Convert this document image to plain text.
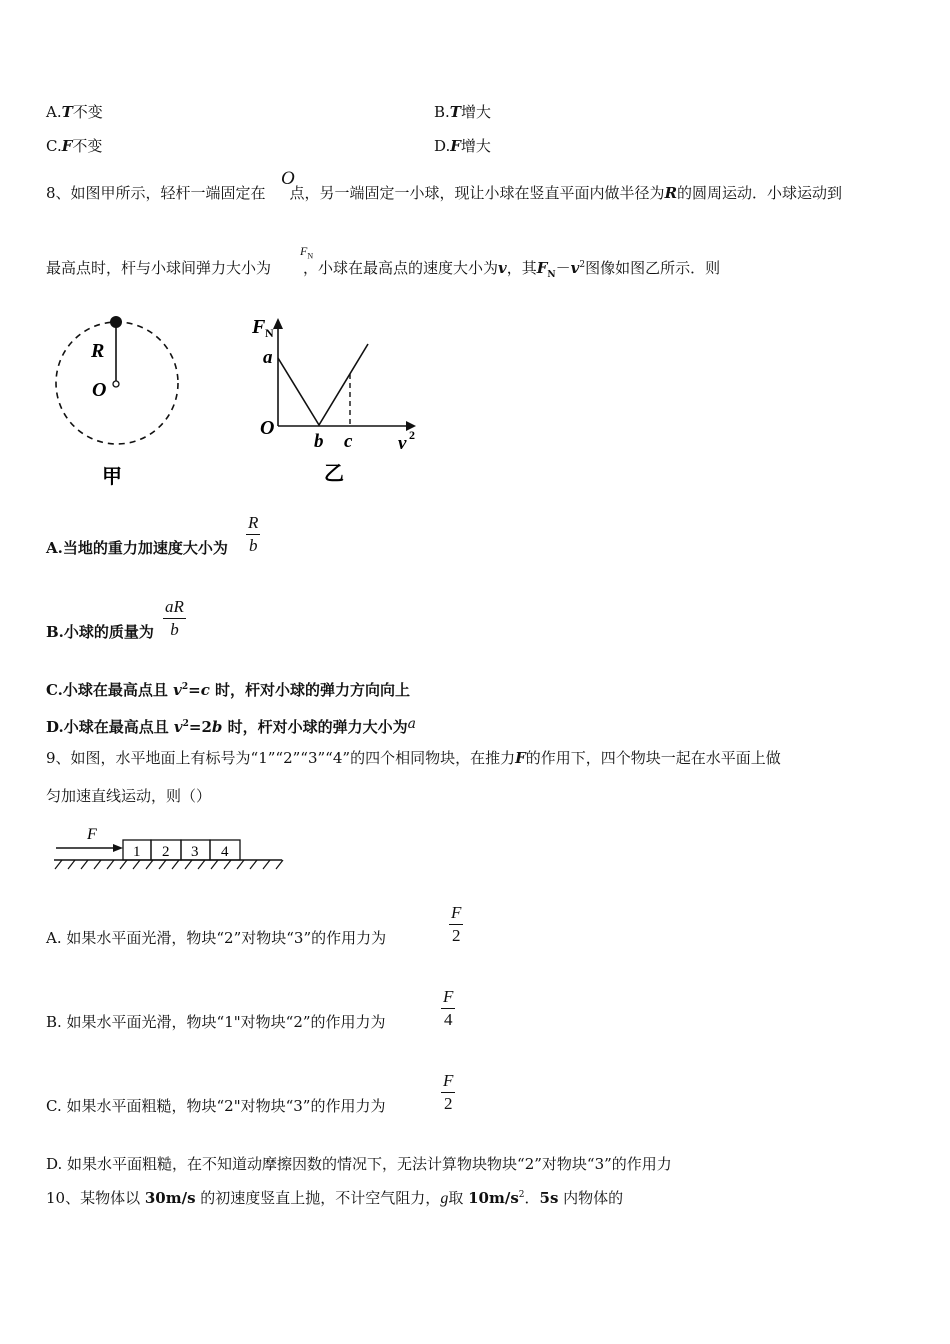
A.T不变	B.T增大
C.F不变	D.F增大
8、如图甲所示，轻杆一端固定在 点，另一端固定一小球，现让小球在竖直平面内做半径为R的圆周运动．小球运动到
O
最高点时，杆与小球间弹力大小为 ，小球在最高点的速度大小为v，其$F_N-v^2$图像如图乙所示．则
$F_N$
R
O
甲
F N
a
O
b c v 2
乙
A.当地的重力加速度大小为 $\frac{R}{b}$
B.小球的质量为 $\frac{aR}{b}$
C.小球在最高点且 $v^2=c$ 时，杆对小球的弹力方向向上
D.小球在最高点且 $v^2=2b$ 时，杆对小球的弹力大小为a
9、如图，水平地面上有标号为“1”“2”“3”“4”的四个相同物块，在推力F的作用下，四个物块一起在水平面上做
匀加速直线运动，则（）
F
1 2 3 4
A. 如果水平面光滑，物块“2”对物块“3”的作用力为	$\frac{F}{2}$
B. 如果水平面光滑，物块“1"对物块“2”的作用力为	$\frac{F}{4}$
C. 如果水平面粗糙，物块“2"对物块“3”的作用力为	$\frac{F}{2}$
D. 如果水平面粗糙，在不知道动摩擦因数的情况下，无法计算物块物块“2”对物块“3”的作用力
10、某物体以 30m/s 的初速度竖直上抛，不计空气阻力，g取 $10m/s^2$．5s 内物体的
